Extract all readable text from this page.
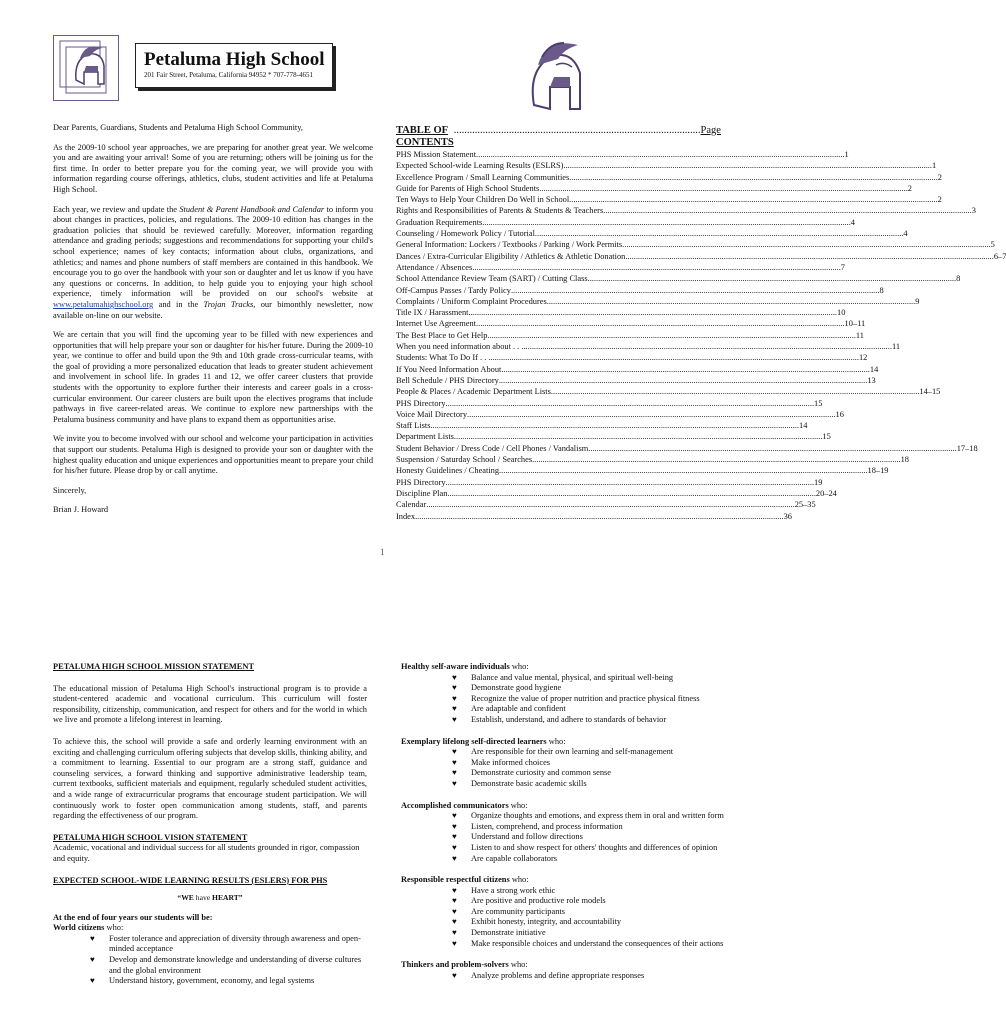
Petaluma High School
201 Fair Street, Petaluma, California 94952 * 707-778-4651

Dear Parents, Guardians, Students and Petaluma High School Community,

As the 2009-10 school year approaches, we are preparing for another great year. We welcome you and are awaiting your arrival! Some of you are returning; others will be joining us for the first time. In order to better prepare you for the coming year, we will provide you with information regarding course offerings, athletics, clubs, student activities and life at Petaluma High School.

Each year, we review and update the Student & Parent Handbook and Calendar to inform you about changes in practices, policies, and regulations. The 2009-10 edition has changes in the graduation policies that should be reviewed carefully. Moreover, information regarding attendance and grading periods; suggestions and recommendations for supporting your child's school experience; names of key contacts; information about clubs, organizations, and athletics; and names and phone numbers of staff members are contained in this handbook. We encourage you to go over the handbook with your son or daughter and let us know if you have any questions or concerns. In addition, to help guide you to enjoying your high school experience, timely information will be provided on our school's website at www.petalumahighschool.org and in the Trojan Tracks, our bimonthly newsletter, now available on-line on our website.

We are certain that you will find the upcoming year to be filled with new experiences and opportunities that will help prepare your son or daughter for his/her future. During the 2009-10 year, we continue to offer and build upon the 9th and 10th grade cross-curricular teams, with the goal of providing a more personalized education that leads to greater student achievement and involvement in school life. In grades 11 and 12, we offer career clusters that provide students with the opportunity to explore further their interests and career goals in a cross-curricular environment. Our career clusters are built upon the electives programs that include pathways in five career-related areas. We continue to explore new partnerships with the Petaluma business community and have plans to expand them as opportunities arise.

We invite you to become involved with our school and welcome your participation in activities that support our students. Petaluma High is designed to provide your son or daughter with the highest quality education and unique experiences and opportunities meant to prepare your child for his/her future. Please drop by or call anytime.

Sincerely,

Brian J. Howard

TABLE OF CONTENTS
.............................................................................................. Page
PHS Mission Statement .....	1
Expected School-wide Learning Results (ESLRS) .....	1
Excellence Program / Small Learning Communities .....	2
Guide for Parents of High School Students .....	2
Ten Ways to Help Your Children Do Well in School .....	2
Rights and Responsibilities of Parents & Students & Teachers .....	3
Graduation Requirements .....	4
Counseling / Homework Policy / Tutorial .....	4
General Information: Lockers / Textbooks / Parking / Work Permits .....	5
Dances / Extra-Curricular Eligibility / Athletics & Athletic Donation .....	6–7
Attendance / Absences .....	7
School Attendance Review Team (SART) / Cutting Class .....	8
Off-Campus Passes / Tardy Policy .....	8
Complaints / Uniform Complaint Procedures .....	9
Title IX / Harassment .....	10
Internet Use Agreement .....	10–11
The Best Place to Get Help .....	11
When you need information about . . . .....	11
Students: What To Do If . . . .....	12
If You Need Information About .....	14
Bell Schedule / PHS Directory .....	13
People & Places / Academic Department Lists .....	14–15
PHS Directory .....	15
Voice Mail Directory .....	16
Staff Lists .....	14
Department Lists .....	15
Student Behavior / Dress Code / Cell Phones / Vandalism .....	17–18
Suspension / Saturday School / Searches .....	18
Honesty Guidelines / Cheating .....	18–19
PHS Directory .....	19
Discipline Plan .....	20–24
Calendar .....	25–35
Index .....	36
1

PETALUMA HIGH SCHOOL MISSION STATEMENT

The educational mission of Petaluma High School's instructional program is to provide a student-centered academic and vocational curriculum. This curriculum will foster responsibility, citizenship, communication, and respect for others and for the world in which we live and promote a lifelong interest in learning.

To achieve this, the school will provide a safe and orderly learning environment with an exciting and challenging curriculum offering subjects that develop skills, thinking ability, and a commitment to learning. Essential to our program are a strong staff, guidance and counseling services, a forward thinking and supportive administrative leadership team, current textbooks, sufficient materials and equipment, regularly scheduled student activities, and a wide range of extracurricular programs that encourage student participation. We will continuously work to foster open communication among students, staff, and parents regarding the effectiveness of our program.

PETALUMA HIGH SCHOOL VISION STATEMENT

Academic, vocational and individual success for all students grounded in rigor, compassion and equity.

EXPECTED SCHOOL-WIDE LEARNING RESULTS (ESLERS) FOR PHS

“WE have HEART”

At the end of four years our students will be:

World citizens who:

♥ Foster tolerance and appreciation of diversity through awareness and open-minded acceptance
♥ Develop and demonstrate knowledge and understanding of diverse cultures and the global environment
♥ Understand history, government, economy, and legal systems

Healthy self-aware individuals who:

♥ Balance and value mental, physical, and spiritual well-being
♥ Demonstrate good hygiene
♥ Recognize the value of proper nutrition and practice physical fitness
♥ Are adaptable and confident
♥ Establish, understand, and adhere to standards of behavior

Exemplary lifelong self-directed learners who:

♥ Are responsible for their own learning and self-management
♥ Make informed choices
♥ Demonstrate curiosity and common sense
♥ Demonstrate basic academic skills

Accomplished communicators who:

♥ Organize thoughts and emotions, and express them in oral and written form
♥ Listen, comprehend, and process information
♥ Understand and follow directions
♥ Listen to and show respect for others' thoughts and differences of opinion
♥ Are capable collaborators

Responsible respectful citizens who:

♥ Have a strong work ethic
♥ Are positive and productive role models
♥ Are community participants
♥ Exhibit honesty, integrity, and accountability
♥ Demonstrate initiative
♥ Make responsible choices and understand the consequences of their actions

Thinkers and problem-solvers who:

♥ Analyze problems and define appropriate responses
